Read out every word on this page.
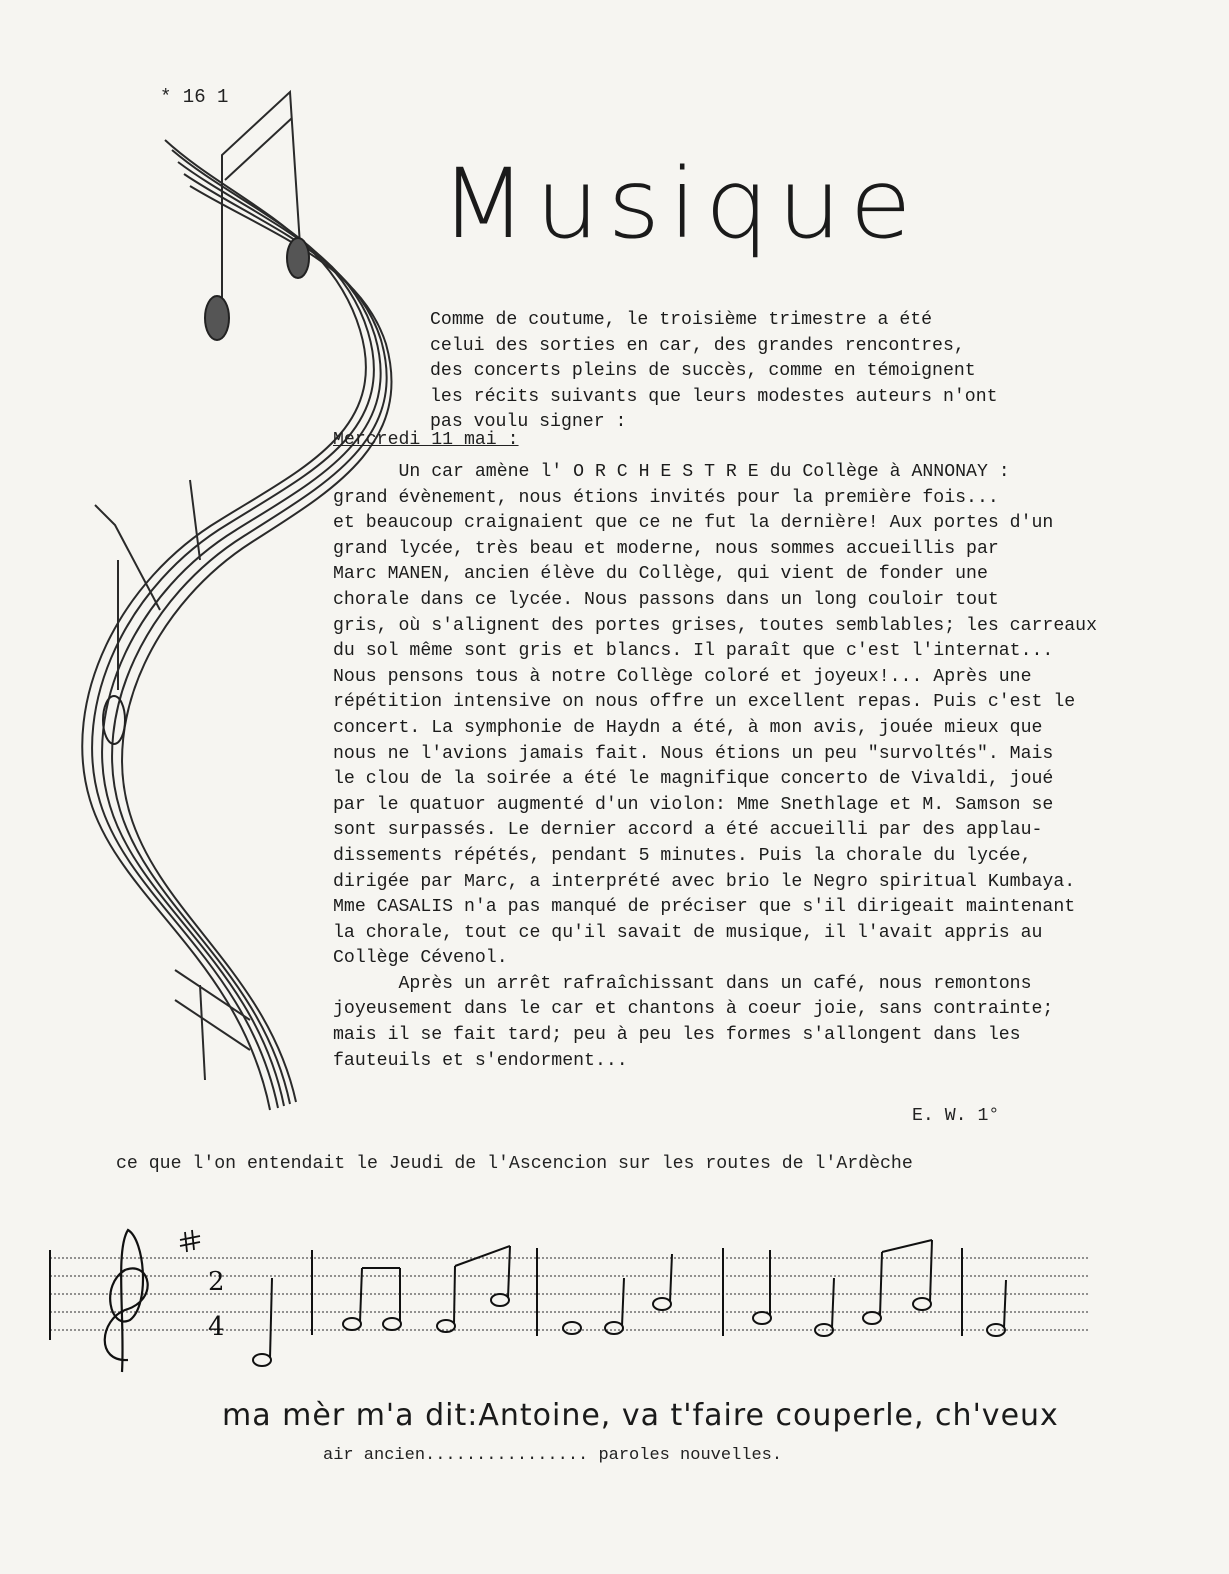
* 16 1
Musique
Comme de coutume, le troisième trimestre a été
celui des sorties en car, des grandes rencontres,
des concerts pleins de succès, comme en témoignent
les récits suivants que leurs modestes auteurs n'ont
pas voulu signer :
Mercredi 11 mai :
Un car amène l' O R C H E S T R E du Collège à ANNONAY :
grand évènement, nous étions invités pour la première fois...
et beaucoup craignaient que ce ne fut la dernière! Aux portes d'un
grand lycée, très beau et moderne, nous sommes accueillis par
Marc MANEN, ancien élève du Collège, qui vient de fonder une
chorale dans ce lycée. Nous passons dans un long couloir tout
gris, où s'alignent des portes grises, toutes semblables; les carreaux
du sol même sont gris et blancs. Il paraît que c'est l'internat...
Nous pensons tous à notre Collège coloré et joyeux!... Après une
répétition intensive on nous offre un excellent repas. Puis c'est le
concert. La symphonie de Haydn a été, à mon avis, jouée mieux que
nous ne l'avions jamais fait. Nous étions un peu "survoltés". Mais
le clou de la soirée a été le magnifique concerto de Vivaldi, joué
par le quatuor augmenté d'un violon: Mme Snethlage et M. Samson se
sont surpassés. Le dernier accord a été accueilli par des applau-
dissements répétés, pendant 5 minutes. Puis la chorale du lycée,
dirigée par Marc, a interprété avec brio le Negro spiritual Kumbaya.
Mme CASALIS n'a pas manqué de préciser que s'il dirigeait maintenant
la chorale, tout ce qu'il savait de musique, il l'avait appris au
Collège Cévenol.
Après un arrêt rafraîchissant dans un café, nous remontons
joyeusement dans le car et chantons à coeur joie, sans contrainte;
mais il se fait tard; peu à peu les formes s'allongent dans les
fauteuils et s'endorment...
E. W. 1°
ce que l'on entendait le Jeudi de l'Ascencion sur les routes de l'Ardèche
2
4
ma mèr m'a dit:Antoine, va t'faire couperle, ch'veux
air ancien................ paroles nouvelles.
